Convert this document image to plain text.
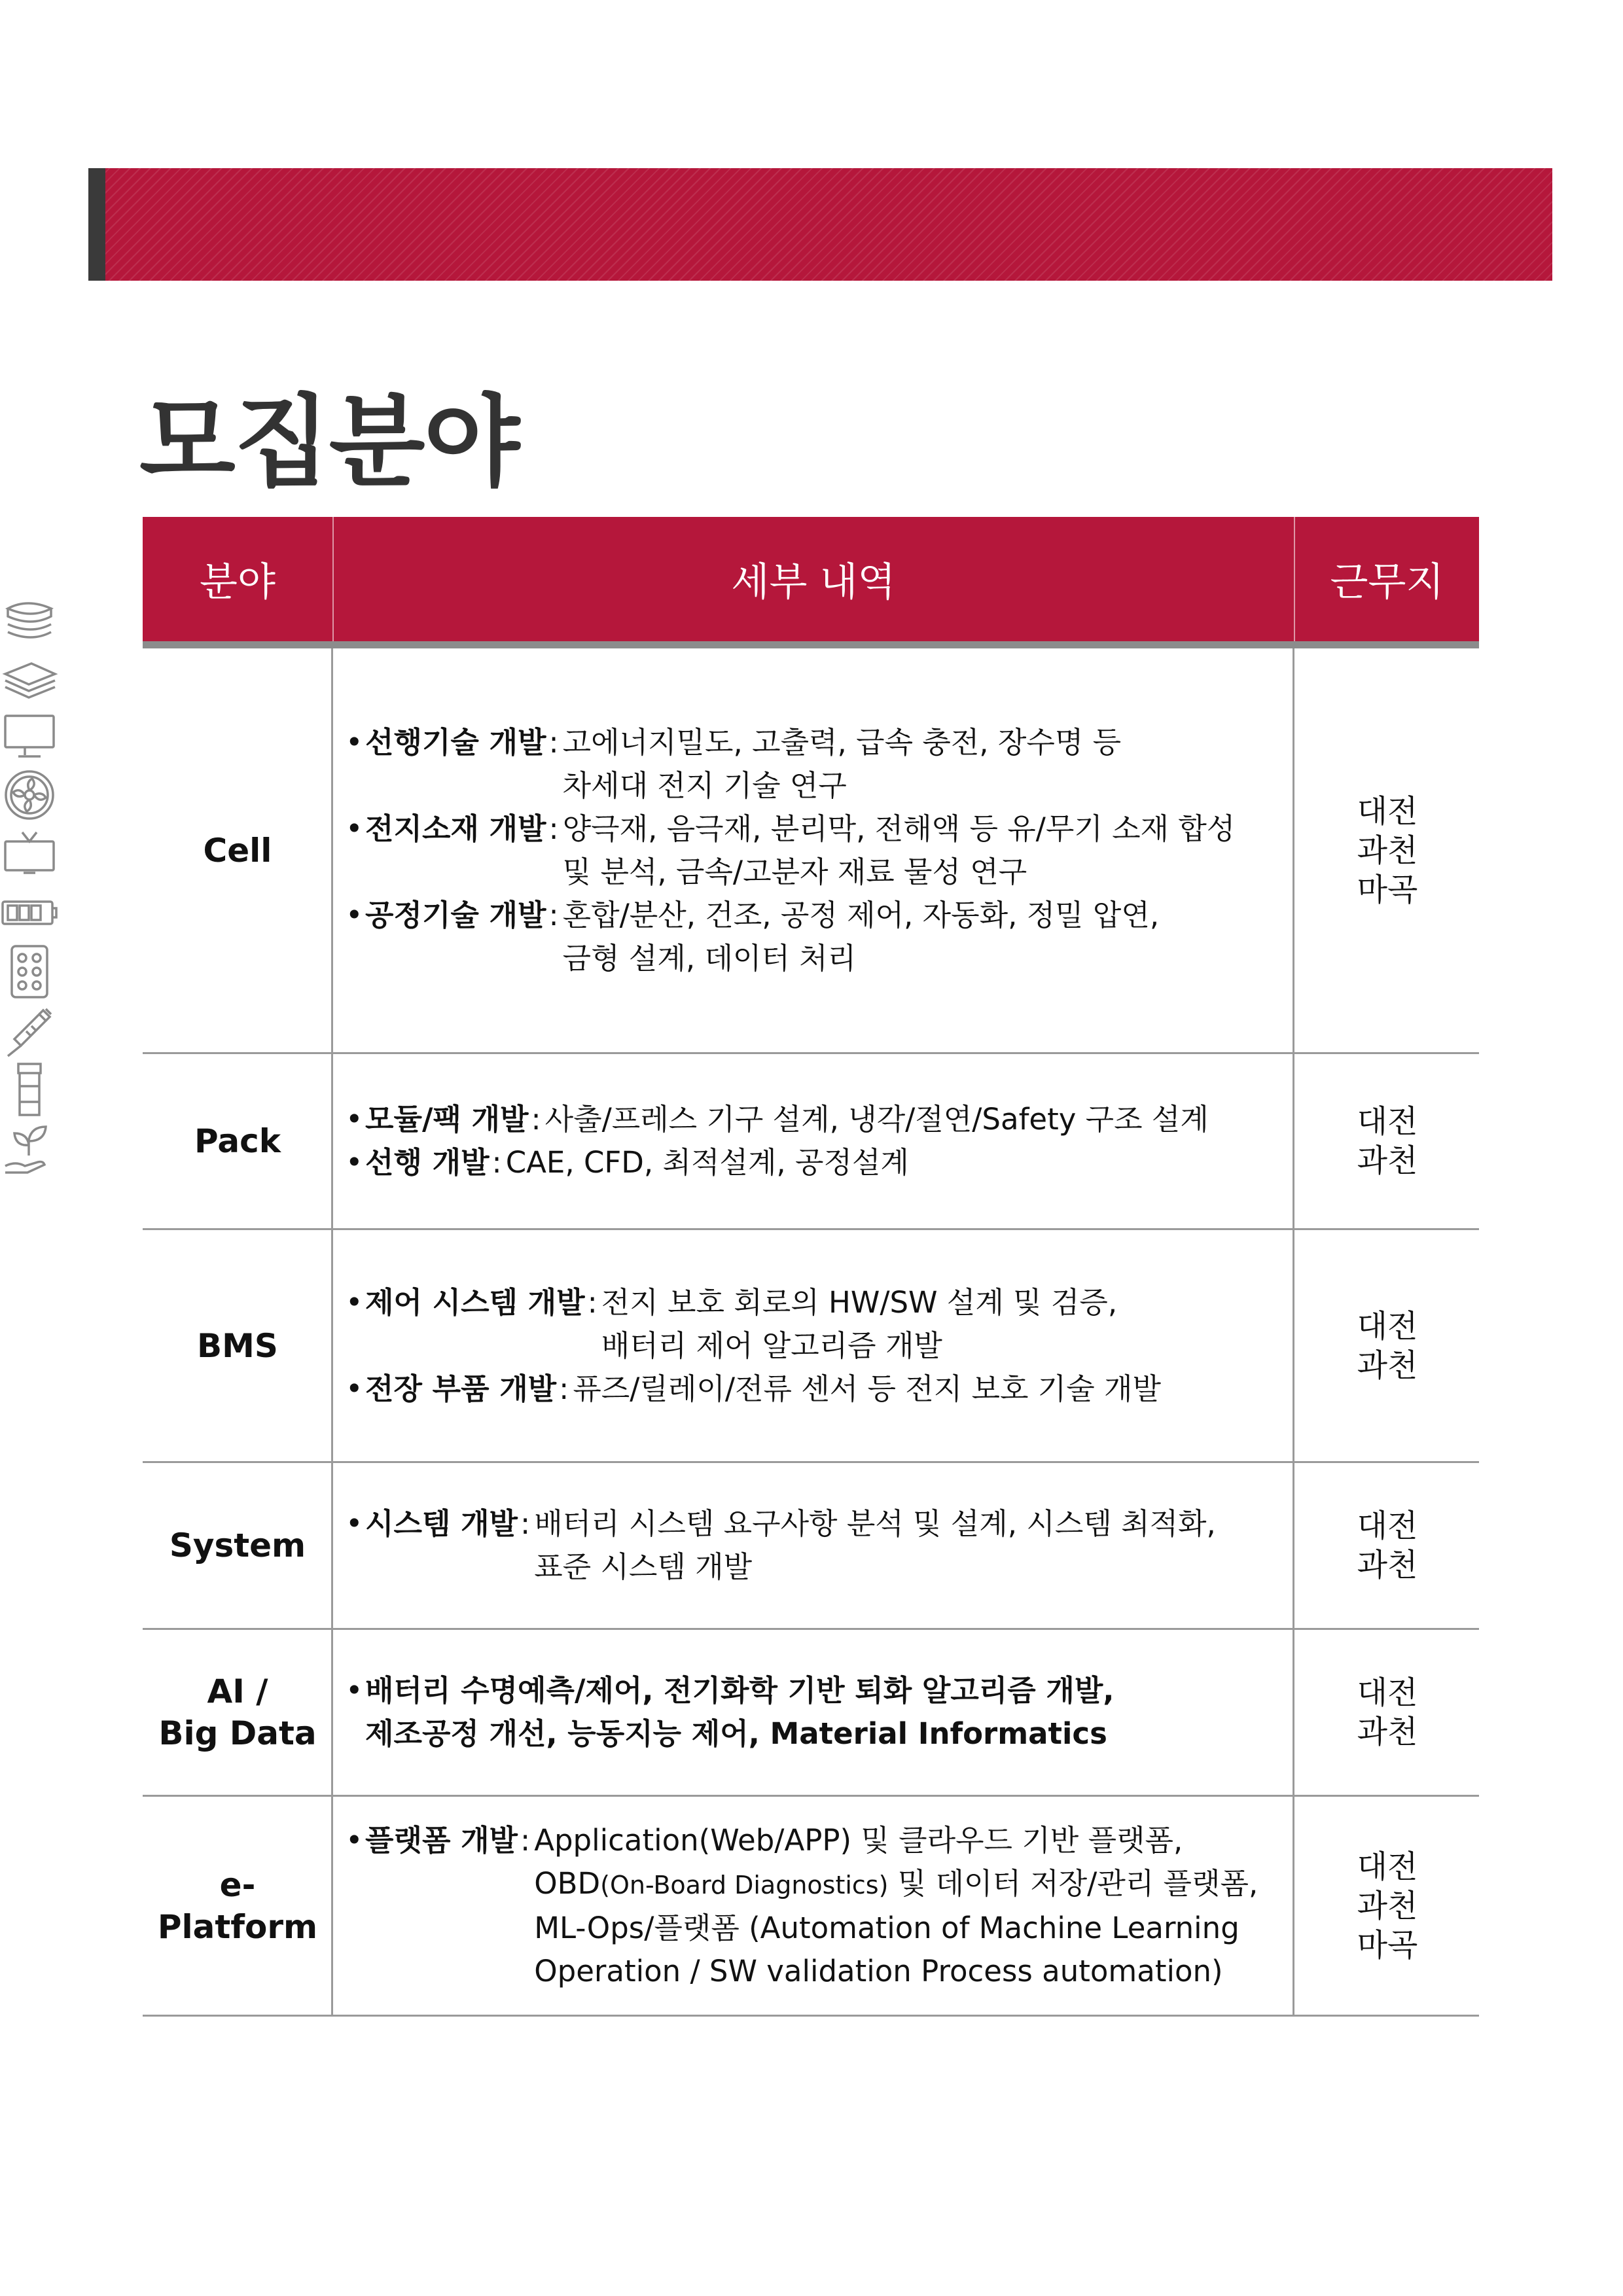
모집분야
분야	세부 내역	근무지
Cell
• 선행기술 개발 : 고에너지밀도, 고출력, 급속 충전, 장수명 등
차세대 전지 기술 연구
• 전지소재 개발 : 양극재, 음극재, 분리막, 전해액 등 유/무기 소재 합성
및 분석, 금속/고분자 재료 물성 연구
• 공정기술 개발 : 혼합/분산, 건조, 공정 제어, 자동화, 정밀 압연,
금형 설계, 데이터 처리
대전
과천
마곡
Pack
• 모듈/팩 개발 : 사출/프레스 기구 설계, 냉각/절연/Safety 구조 설계
• 선행 개발 : CAE, CFD, 최적설계, 공정설계
대전
과천
BMS
• 제어 시스템 개발 : 전지 보호 회로의 HW/SW 설계 및 검증,
배터리 제어 알고리즘 개발
• 전장 부품 개발 : 퓨즈/릴레이/전류 센서 등 전지 보호 기술 개발
대전
과천
System
• 시스템 개발 : 배터리 시스템 요구사항 분석 및 설계, 시스템 최적화,
표준 시스템 개발
대전
과천
AI /
Big Data
• 배터리 수명예측/제어, 전기화학 기반 퇴화 알고리즘 개발,
제조공정 개선, 능동지능 제어, Material Informatics
대전
과천
e-
Platform
• 플랫폼 개발 : Application(Web/APP) 및 클라우드 기반 플랫폼,
OBD(On-Board Diagnostics) 및 데이터 저장/관리 플랫폼,
ML-Ops/플랫폼 (Automation of Machine Learning
Operation / SW validation Process automation)
대전
과천
마곡
